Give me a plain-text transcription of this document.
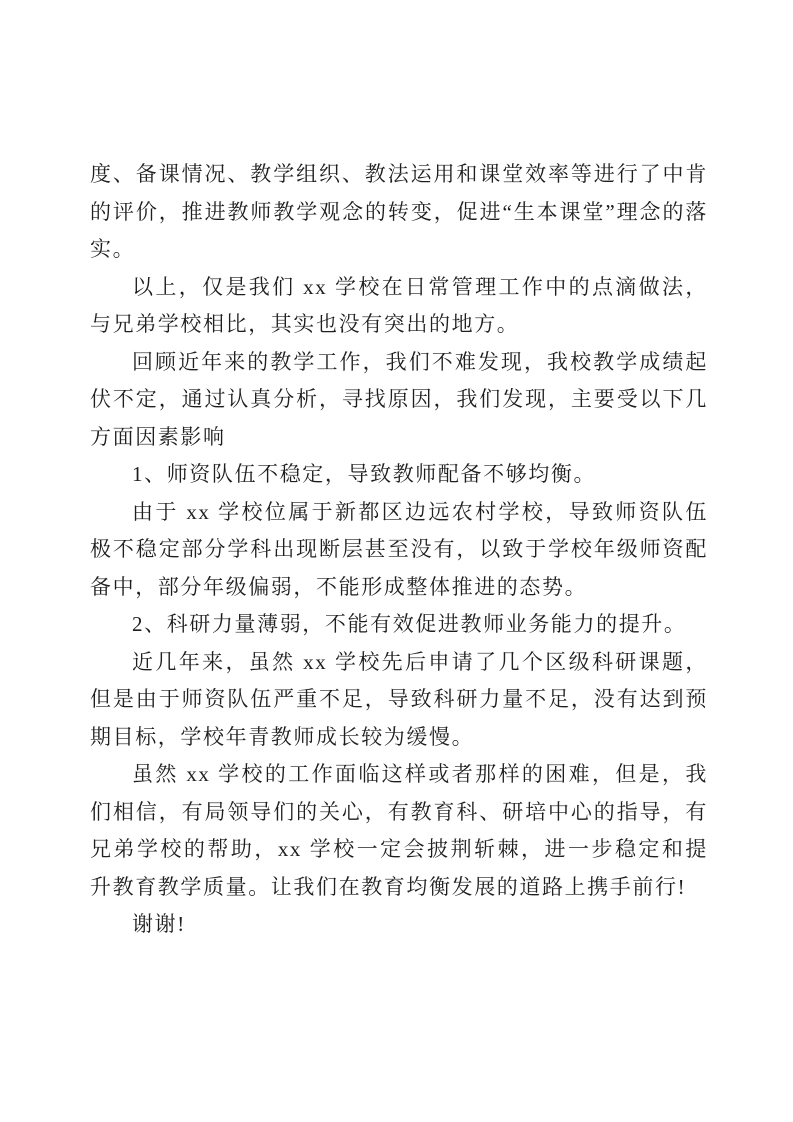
度、备课情况、教学组织、教法运用和课堂效率等进行了中肯的评价，推进教师教学观念的转变，促进“生本课堂”理念的落实。

以上，仅是我们 xx 学校在日常管理工作中的点滴做法，与兄弟学校相比，其实也没有突出的地方。

回顾近年来的教学工作，我们不难发现，我校教学成绩起伏不定，通过认真分析，寻找原因，我们发现，主要受以下几方面因素影响

1、师资队伍不稳定，导致教师配备不够均衡。

由于 xx 学校位属于新都区边远农村学校，导致师资队伍极不稳定部分学科出现断层甚至没有，以致于学校年级师资配备中，部分年级偏弱，不能形成整体推进的态势。

2、科研力量薄弱，不能有效促进教师业务能力的提升。

近几年来，虽然 xx 学校先后申请了几个区级科研课题，但是由于师资队伍严重不足，导致科研力量不足，没有达到预期目标，学校年青教师成长较为缓慢。

虽然 xx 学校的工作面临这样或者那样的困难，但是，我们相信，有局领导们的关心，有教育科、研培中心的指导，有兄弟学校的帮助，xx 学校一定会披荆斩棘，进一步稳定和提升教育教学质量。让我们在教育均衡发展的道路上携手前行!

谢谢!
